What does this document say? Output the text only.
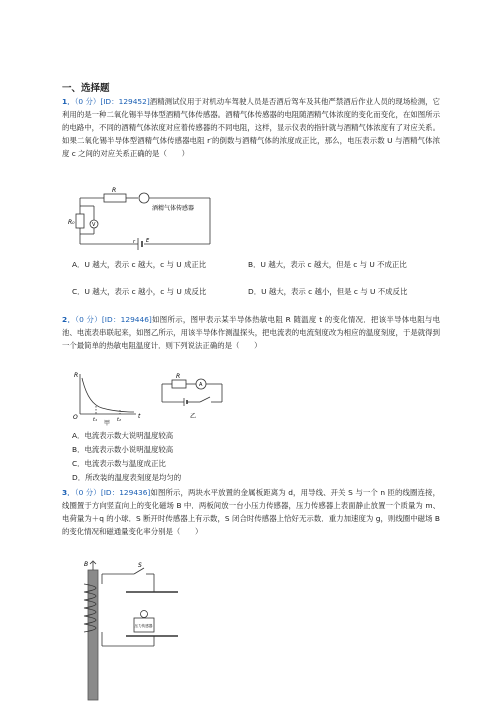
一、选择题
1．（0 分）[ID：129452]酒精测试仪用于对机动车驾驶人员是否酒后驾车及其他严禁酒后作业人员的现场检测，它利用的是一种二氧化锡半导体型酒精气体传感器。酒精气体传感器的电阻随酒精气体浓度的变化而变化，在如图所示的电路中，不同的酒精气体浓度对应着传感器的不同电阻，这样，显示仪表的指针就与酒精气体浓度有了对应关系。如果二氧化锡半导体型酒精气体传感器电阻 r′的倒数与酒精气体的浓度成正比，那么，电压表示数 U 与酒精气体浓度 c 之间的对应关系正确的是（　　）
R
酒精气体传感器
R₀	V
r E
A．U 越大，表示 c 越大，c 与 U 成正比	B．U 越大，表示 c 越大，但是 c 与 U 不成正比
C．U 越大，表示 c 越小，c 与 U 成反比	D．U 越大，表示 c 越小，但是 c 与 U 不成反比
2．（0 分）[ID：129446]如图所示，图甲表示某半导体热敏电阻 R 随温度 t 的变化情况．把该半导体电阻与电池、电流表串联起来，如图乙所示，用该半导体作测温探头，把电流表的电流刻度改为相应的温度刻度，于是就得到一个最简单的热敏电阻温度计．则下列说法正确的是（　　）
R
t
O	t₁	t₂
甲
R
A
乙
A．电流表示数大说明温度较高
B．电流表示数小说明温度较高
C．电流表示数与温度成正比
D．所改装的温度表刻度是均匀的
3．（0 分）[ID：129436]如图所示，两块水平放置的金属板距离为 d，用导线、开关 S 与一个 n 匝的线圈连接，线圈置于方向竖直向上的变化磁场 B 中．两板间放一台小压力传感器，压力传感器上表面静止放置一个质量为 m、电荷量为＋q 的小球．S 断开时传感器上有示数，S 闭合时传感器上恰好无示数．重力加速度为 g，则线圈中磁场 B 的变化情况和磁通量变化率分别是（　　）
B	S
压力传感器
